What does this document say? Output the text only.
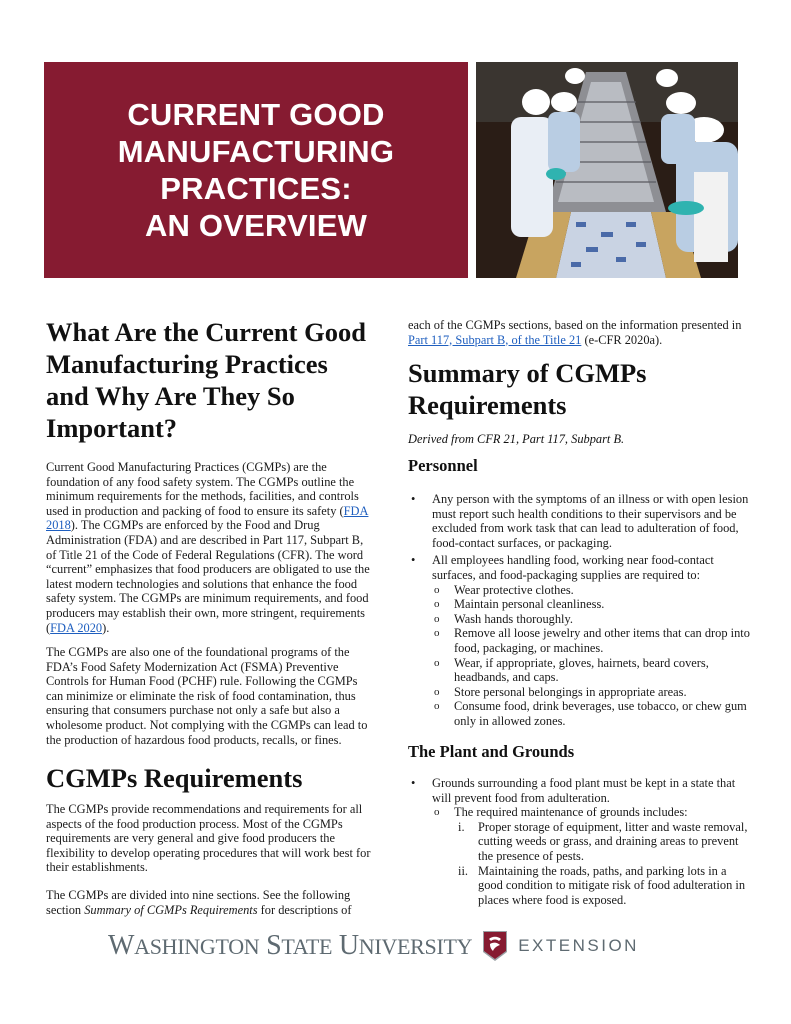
CURRENT GOOD
MANUFACTURING
PRACTICES:
AN OVERVIEW
What Are the Current Good Manufacturing Practices and Why Are They So Important?

Current Good Manufacturing Practices (CGMPs) are the foundation of any food safety system. The CGMPs outline the minimum requirements for the methods, facilities, and controls used in production and packing of food to ensure its safety (FDA 2018). The CGMPs are enforced by the Food and Drug Administration (FDA) and are described in Part 117, Subpart B, of Title 21 of the Code of Federal Regulations (CFR). The word “current” emphasizes that food producers are obligated to use the latest modern technologies and solutions that enhance the food safety system. The CGMPs are minimum requirements, and food producers may establish their own, more stringent, requirements (FDA 2020).

The CGMPs are also one of the foundational programs of the FDA’s Food Safety Modernization Act (FSMA) Preventive Controls for Human Food (PCHF) rule. Following the CGMPs can minimize or eliminate the risk of food contamination, thus ensuring that consumers purchase not only a safe but also a wholesome product. Not complying with the CGMPs can lead to the production of hazardous food products, recalls, or fines.

CGMPs Requirements

The CGMPs provide recommendations and requirements for all aspects of the food production process. Most of the CGMPs requirements are very general and give food producers the flexibility to develop operating procedures that will work best for their establishments.

The CGMPs are divided into nine sections. See the following section Summary of CGMPs Requirements for descriptions of

each of the CGMPs sections, based on the information presented in Part 117, Subpart B, of the Title 21 (e-CFR 2020a).

Summary of CGMPs Requirements

Derived from CFR 21, Part 117, Subpart B.

Personnel
• Any person with the symptoms of an illness or with open lesion must report such health conditions to their supervisors and be excluded from work task that can lead to adulteration of food, food-contact surfaces, or packaging.
• All employees handling food, working near food-contact surfaces, and food-packaging supplies are required to:
o Wear protective clothes.
o Maintain personal cleanliness.
o Wash hands thoroughly.
o Remove all loose jewelry and other items that can drop into food, packaging, or machines.
o Wear, if appropriate, gloves, hairnets, beard covers, headbands, and caps.
o Store personal belongings in appropriate areas.
o Consume food, drink beverages, use tobacco, or chew gum only in allowed zones.
The Plant and Grounds
• Grounds surrounding a food plant must be kept in a state that will prevent food from adulteration.
o The required maintenance of grounds includes:
i. Proper storage of equipment, litter and waste removal, cutting weeds or grass, and draining areas to prevent the presence of pests.
ii. Maintaining the roads, paths, and parking lots in a good condition to mitigate risk of food adulteration in places where food is exposed.
WASHINGTON STATE UNIVERSITY	EXTENSION
